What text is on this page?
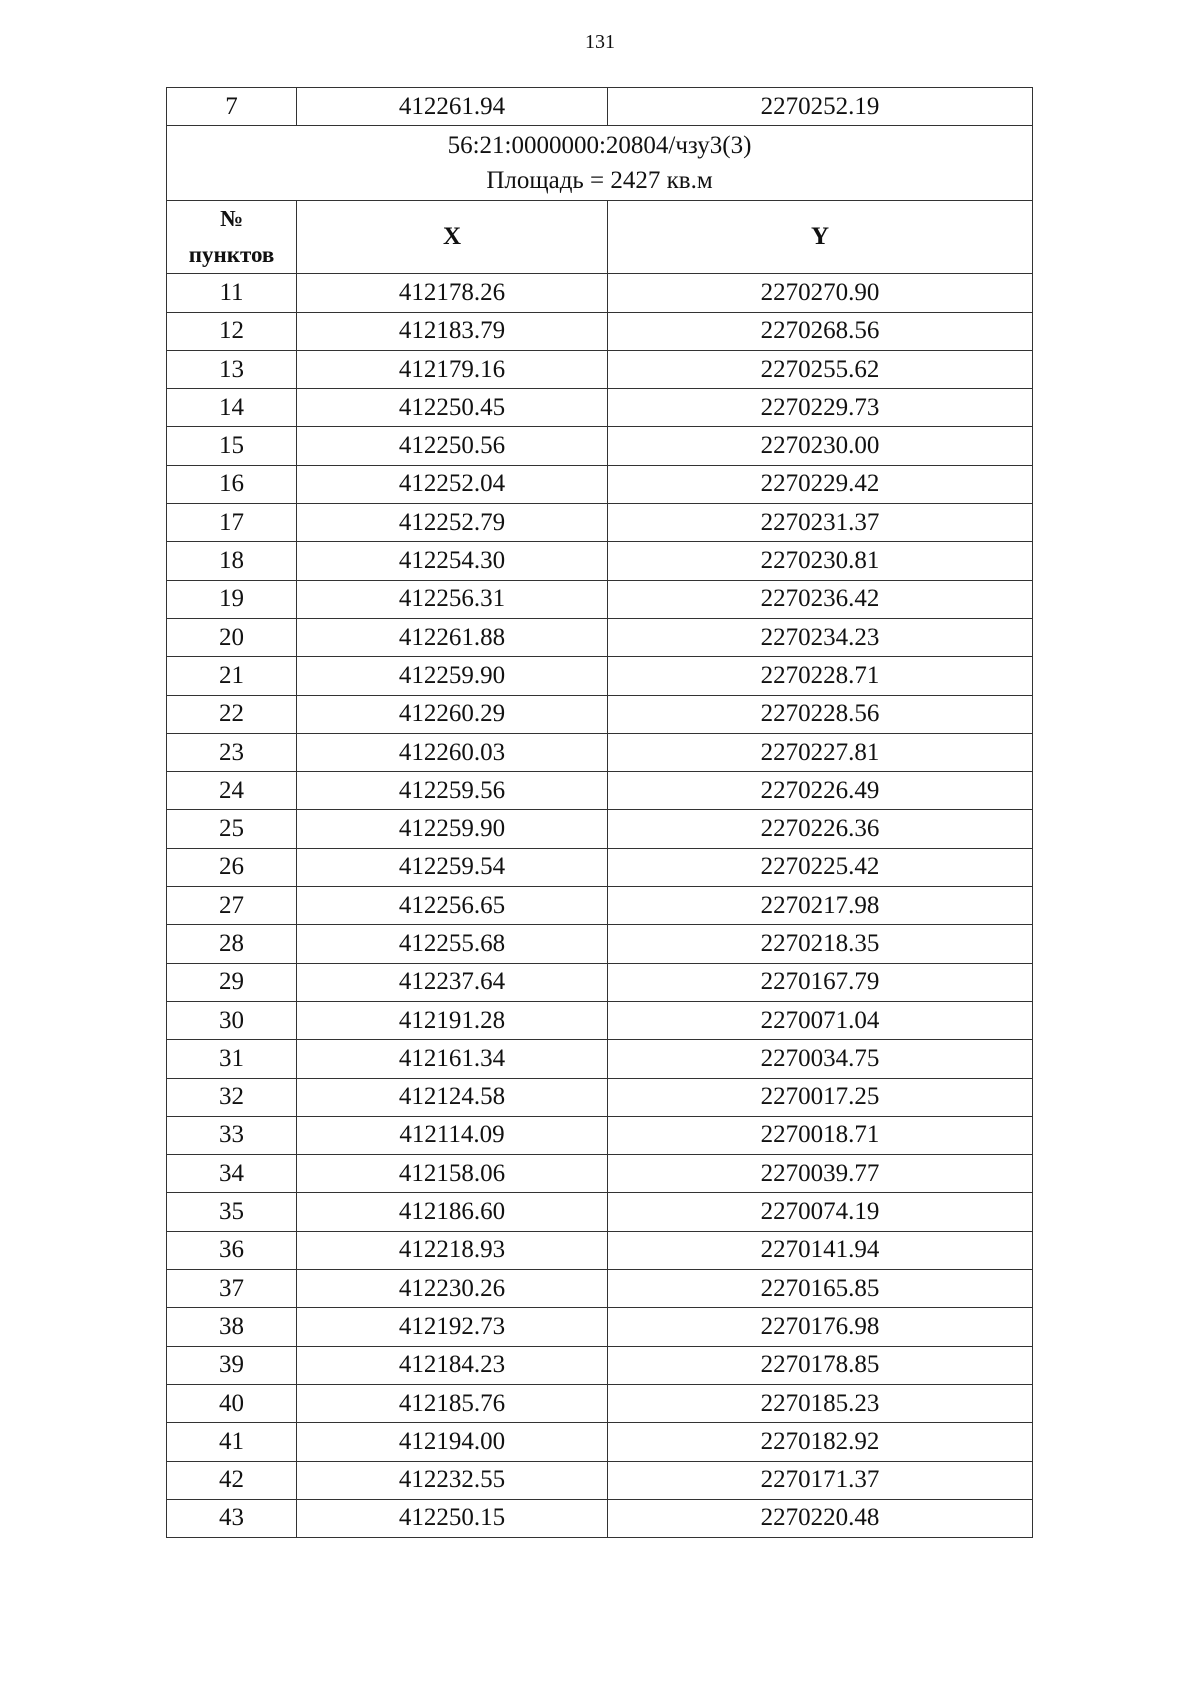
131
7	412261.94	2270252.19

56:21:0000000:20804/чзу3(3)
Площадь = 2427 кв.м		

№
пунктов	X	Y
11	412178.26	2270270.90
12	412183.79	2270268.56
13	412179.16	2270255.62
14	412250.45	2270229.73
15	412250.56	2270230.00
16	412252.04	2270229.42
17	412252.79	2270231.37
18	412254.30	2270230.81
19	412256.31	2270236.42
20	412261.88	2270234.23
21	412259.90	2270228.71
22	412260.29	2270228.56
23	412260.03	2270227.81
24	412259.56	2270226.49
25	412259.90	2270226.36
26	412259.54	2270225.42
27	412256.65	2270217.98
28	412255.68	2270218.35
29	412237.64	2270167.79
30	412191.28	2270071.04
31	412161.34	2270034.75
32	412124.58	2270017.25
33	412114.09	2270018.71
34	412158.06	2270039.77
35	412186.60	2270074.19
36	412218.93	2270141.94
37	412230.26	2270165.85
38	412192.73	2270176.98
39	412184.23	2270178.85
40	412185.76	2270185.23
41	412194.00	2270182.92
42	412232.55	2270171.37
43	412250.15	2270220.48
